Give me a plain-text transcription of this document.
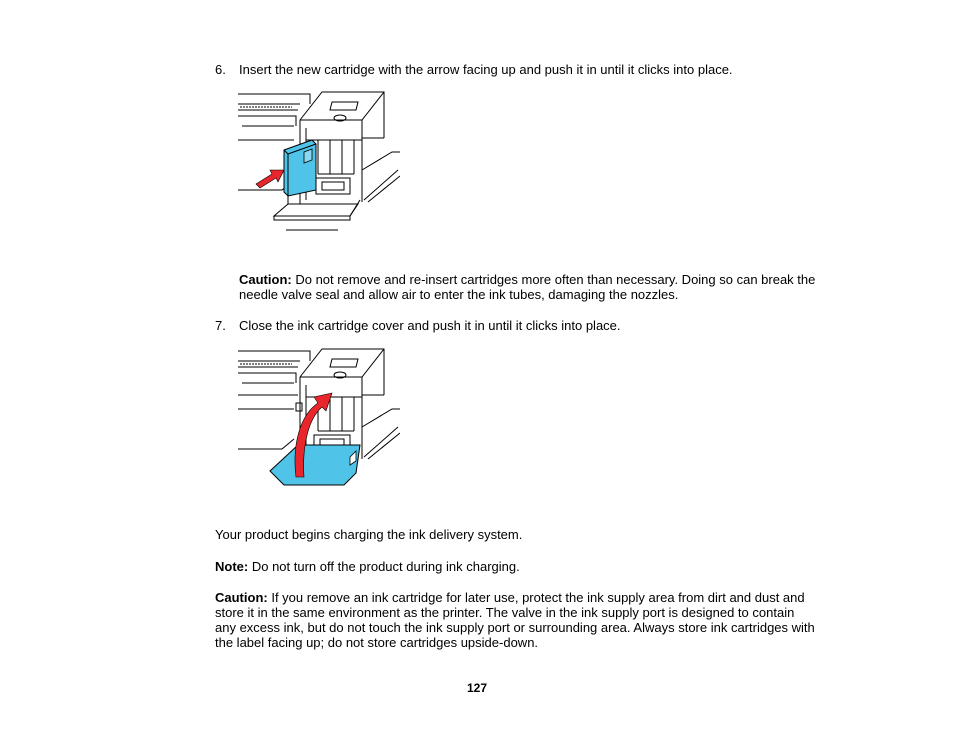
6. Insert the new cartridge with the arrow facing up and push it in until it clicks into place.
Caution: Do not remove and re-insert cartridges more often than necessary. Doing so can break the
needle valve seal and allow air to enter the ink tubes, damaging the nozzles.
7. Close the ink cartridge cover and push it in until it clicks into place.
Your product begins charging the ink delivery system.
Note: Do not turn off the product during ink charging.
Caution: If you remove an ink cartridge for later use, protect the ink supply area from dirt and dust and
store it in the same environment as the printer. The valve in the ink supply port is designed to contain
any excess ink, but do not touch the ink supply port or surrounding area. Always store ink cartridges with
the label facing up; do not store cartridges upside-down.
127
